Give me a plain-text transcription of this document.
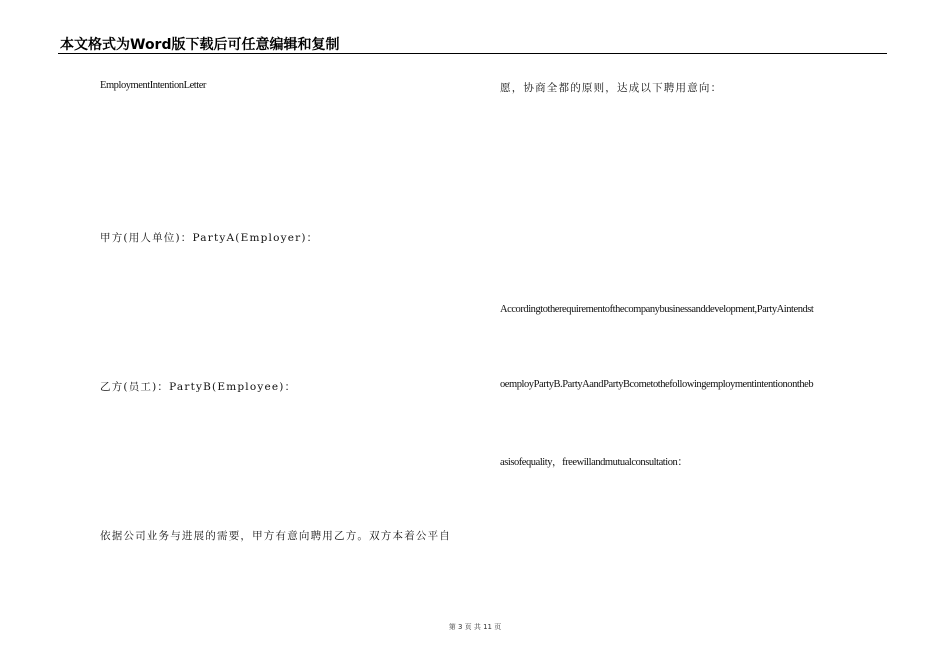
本文格式为Word版下载后可任意编辑和复制
EmploymentIntentionLetter
甲方(用人单位)：PartyA(Employer)：
乙方(员工)：PartyB(Employee)：
依据公司业务与进展的需要，甲方有意向聘用乙方。双方本着公平自
愿，协商全都的原则，达成以下聘用意向：
Accordingtotherequirementofthecompanybusinessanddevelopment,PartyAintendst
oemployPartyB.PartyAandPartyBcometothefollowingemploymentintentionontheb
asisofequality，freewillandmutualconsultation：
第 3 页 共 11 页
